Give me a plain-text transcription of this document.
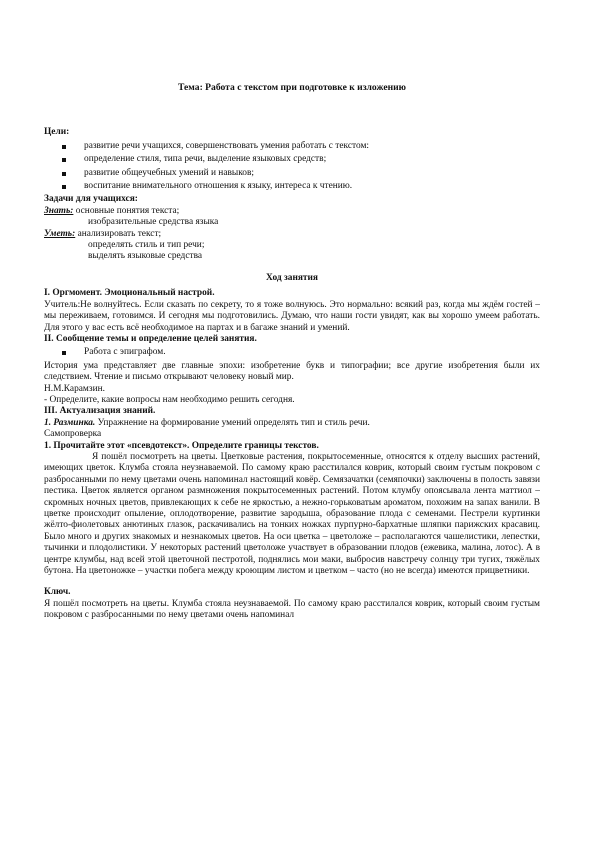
Тема: Работа с текстом при подготовке к изложению

Цели:

развитие речи учащихся, совершенствовать умения работать с текстом:
определение стиля, типа речи, выделение языковых средств;
развитие общеучебных умений и навыков;
воспитание внимательного отношения к языку, интереса к чтению.

Задачи для учащихся:

Знать: основные понятия текста;

изобразительные средства языка

Уметь: анализировать текст;

определять стиль и тип речи;

выделять языковые средства

Ход занятия

I. Оргмомент. Эмоциональный настрой.

Учитель:Не волнуйтесь. Если сказать по секрету, то я тоже волнуюсь. Это нормально: всякий раз, когда мы ждём гостей – мы переживаем, готовимся. И сегодня мы подготовились. Думаю, что наши гости увидят, как вы хорошо умеем работать. Для этого у вас есть всё необходимое на партах и в багаже знаний и умений.

II. Сообщение темы и определение целей занятия.

Работа с эпиграфом.

История ума представляет две главные эпохи: изобретение букв и типографии; все другие изобретения были их следствием. Чтение и письмо открывают человеку новый мир.

Н.М.Карамзин.

- Определите, какие вопросы нам необходимо решить сегодня.

III. Актуализация знаний.

1. Разминка. Упражнение на формирование умений определять тип и стиль речи.

Самопроверка

1. Прочитайте этот «псевдотекст». Определите границы текстов.

Я пошёл посмотреть на цветы. Цветковые растения, покрытосеменные, относятся к отделу высших растений, имеющих цветок. Клумба стояла неузнаваемой. По самому краю расстилался коврик, который своим густым покровом с разбросанными по нему цветами очень напоминал настоящий ковёр. Семязачатки (семяпочки) заключены в полость завязи пестика. Цветок является органом размножения покрытосеменных растений. Потом клумбу опоясывала лента маттиол – скромных ночных цветов, привлекающих к себе не яркостью, а нежно-горьковатым ароматом, похожим на запах ванили. В цветке происходит опыление, оплодотворение, развитие зародыша, образование плода с семенами. Пестрели куртинки жёлто-фиолетовых анютиных глазок, раскачивались на тонких ножках пурпурно-бархатные шляпки парижских красавиц. Было много и других знакомых и незнакомых цветов. На оси цветка – цветоложе – располагаются чашелистики, лепестки, тычинки и плодолистики. У некоторых растений цветоложе участвует в образовании плодов (ежевика, малина, лотос). А в центре клумбы, над всей этой цветочной пестротой, поднялись мои маки, выбросив навстречу солнцу три тугих, тяжёлых бутона. На цветоножке – участки побега между кроющим листом и цветком – часто (но не всегда) имеются прицветники.

Ключ.

Я пошёл посмотреть на цветы. Клумба стояла неузнаваемой. По самому краю расстилался коврик, который своим густым покровом с разбросанными по нему цветами очень напоминал
